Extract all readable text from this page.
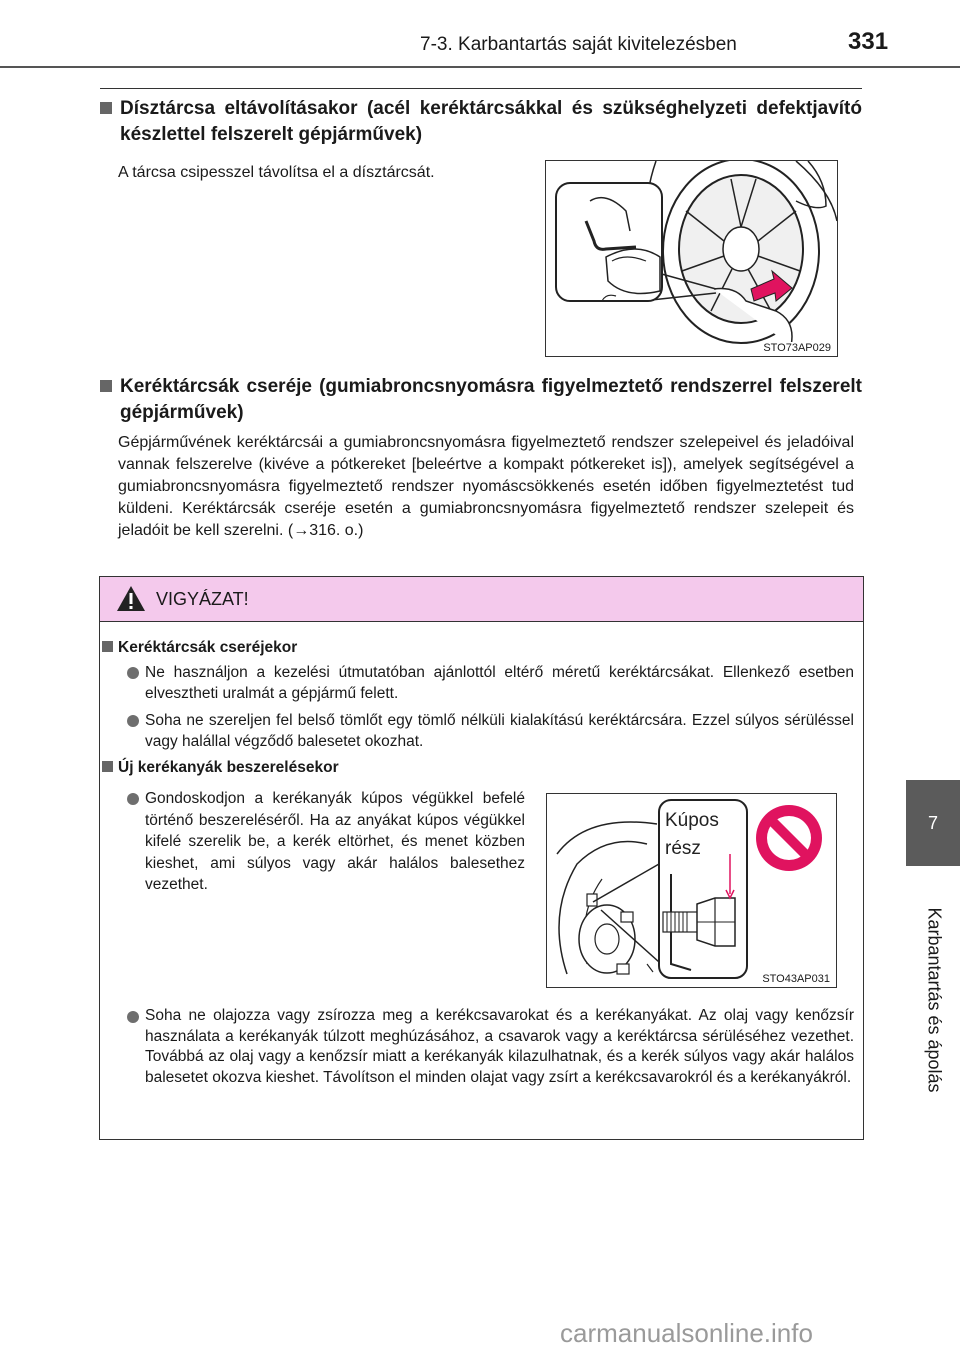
7-3. Karbantartás saját kivitelezésben	331
7
Karbantartás és ápolás
Dísztárcsa eltávolításakor (acél keréktárcsákkal és szükséghelyzeti defektjavító készlettel felszerelt gépjárművek)
A tárcsa csipesszel távolítsa el a dísztárcsát.
STO73AP029
Keréktárcsák cseréje (gumiabroncsnyomásra figyelmeztető rendszerrel felszerelt gépjárművek)
Gépjárművének keréktárcsái a gumiabroncsnyomásra figyelmeztető rendszer szelepeivel és jeladóival vannak felszerelve (kivéve a pótkereket [beleértve a kompakt pótkereket is]), amelyek segítségével a gumiabroncsnyomásra figyelmeztető rendszer nyomáscsökkenés esetén időben figyelmeztetést tud küldeni. Keréktárcsák cseréje esetén a gumiabroncsnyomásra figyelmeztető rendszer szelepeit és jeladóit be kell szerelni. (→316. o.)
VIGYÁZAT!
Keréktárcsák cseréjekor
Ne használjon a kezelési útmutatóban ajánlottól eltérő méretű keréktárcsákat. Ellenkező esetben elvesztheti uralmát a gépjármű felett.
Soha ne szereljen fel belső tömlőt egy tömlő nélküli kialakítású keréktárcsára. Ezzel súlyos sérüléssel vagy halállal végződő balesetet okozhat.
Új kerékanyák beszerelésekor
Gondoskodjon a kerékanyák kúpos végükkel befelé történő beszereléséről. Ha az anyákat kúpos végükkel kifelé szerelik be, a kerék eltörhet, és menet közben kieshet, ami súlyos vagy akár halálos balesethez vezethet.
Kúpos
rész
STO43AP031
Soha ne olajozza vagy zsírozza meg a kerékcsavarokat és a kerékanyákat. Az olaj vagy kenőzsír használata a kerékanyák túlzott meghúzásához, a csavarok vagy a keréktárcsa sérüléséhez vezethet. Továbbá az olaj vagy a kenőzsír miatt a kerékanyák kilazulhatnak, és a kerék súlyos vagy akár halálos balesetet okozva kieshet. Távolítson el minden olajat vagy zsírt a kerékcsavarokról és a kerékanyákról.
carmanualsonline.info
